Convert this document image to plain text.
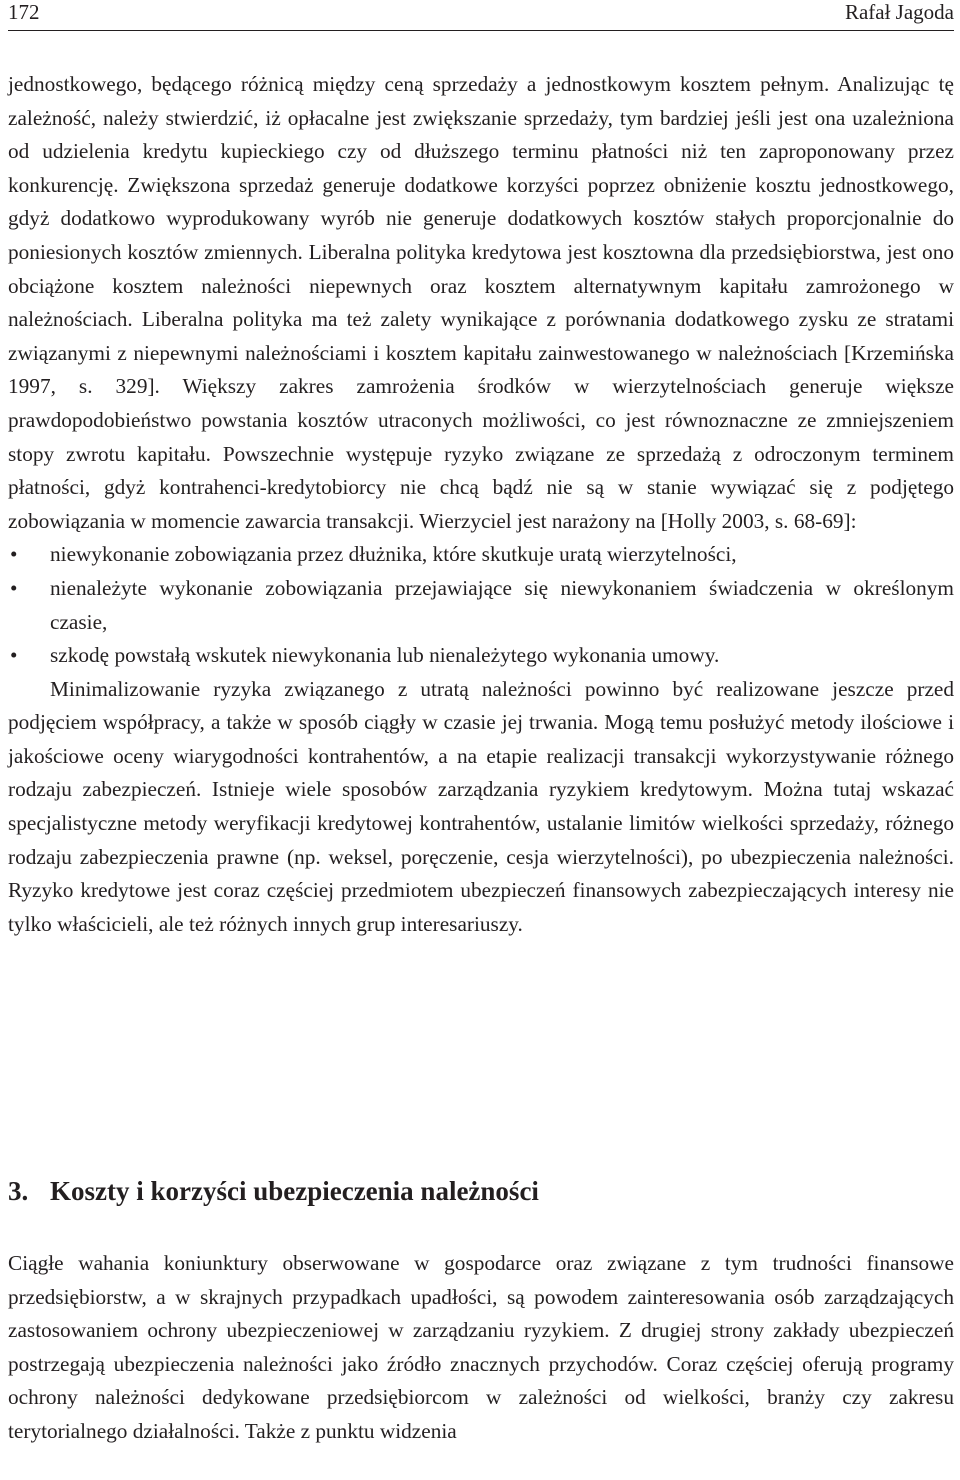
172	Rafał Jagoda

jednostkowego, będącego różnicą między ceną sprzedaży a jednostkowym kosztem pełnym. Analizując tę zależność, należy stwierdzić, iż opłacalne jest zwiększanie sprzedaży, tym bardziej jeśli jest ona uzależniona od udzielenia kredytu kupieckiego czy od dłuższego terminu płatności niż ten zaproponowany przez konkurencję. Zwiększona sprzedaż generuje dodatkowe korzyści poprzez obniżenie kosztu jednostkowego, gdyż dodatkowo wyprodukowany wyrób nie generuje dodatkowych kosztów stałych proporcjonalnie do poniesionych kosztów zmiennych. Liberalna polityka kredytowa jest kosztowna dla przedsiębiorstwa, jest ono obciążone kosztem należności niepewnych oraz kosztem alternatywnym kapitału zamrożonego w należnościach. Liberalna polityka ma też zalety wynikające z porównania dodatkowego zysku ze stratami związanymi z niepewnymi należnościami i kosztem kapitału zainwestowanego w należnościach [Krzemińska 1997, s. 329]. Większy zakres zamrożenia środków w wierzytelnościach generuje większe prawdopodobieństwo powstania kosztów utraconych możliwości, co jest równoznaczne ze zmniejszeniem stopy zwrotu kapitału. Powszechnie występuje ryzyko związane ze sprzedażą z odroczonym terminem płatności, gdyż kontrahenci-kredytobiorcy nie chcą bądź nie są w stanie wywiązać się z podjętego zobowiązania w momencie zawarcia transakcji. Wierzyciel jest narażony na [Holly 2003, s. 68-69]:

• niewykonanie zobowiązania przez dłużnika, które skutkuje uratą wierzytelności,
• nienależyte wykonanie zobowiązania przejawiające się niewykonaniem świadczenia w określonym czasie,
• szkodę powstałą wskutek niewykonania lub nienależytego wykonania umowy.

Minimalizowanie ryzyka związanego z utratą należności powinno być realizowane jeszcze przed podjęciem współpracy, a także w sposób ciągły w czasie jej trwania. Mogą temu posłużyć metody ilościowe i jakościowe oceny wiarygodności kontrahentów, a na etapie realizacji transakcji wykorzystywanie różnego rodzaju zabezpieczeń. Istnieje wiele sposobów zarządzania ryzykiem kredytowym. Można tutaj wskazać specjalistyczne metody weryfikacji kredytowej kontrahentów, ustalanie limitów wielkości sprzedaży, różnego rodzaju zabezpieczenia prawne (np. weksel, poręczenie, cesja wierzytelności), po ubezpieczenia należności. Ryzyko kredytowe jest coraz częściej przedmiotem ubezpieczeń finansowych zabezpieczających interesy nie tylko właścicieli, ale też różnych innych grup interesariuszy.

3. Koszty i korzyści ubezpieczenia należności

Ciągłe wahania koniunktury obserwowane w gospodarce oraz związane z tym trudności finansowe przedsiębiorstw, a w skrajnych przypadkach upadłości, są powodem zainteresowania osób zarządzających zastosowaniem ochrony ubezpieczeniowej w zarządzaniu ryzykiem. Z drugiej strony zakłady ubezpieczeń postrzegają ubezpieczenia należności jako źródło znacznych przychodów. Coraz częściej oferują programy ochrony należności dedykowane przedsiębiorcom w zależności od wielkości, branży czy zakresu terytorialnego działalności. Także z punktu widzenia
